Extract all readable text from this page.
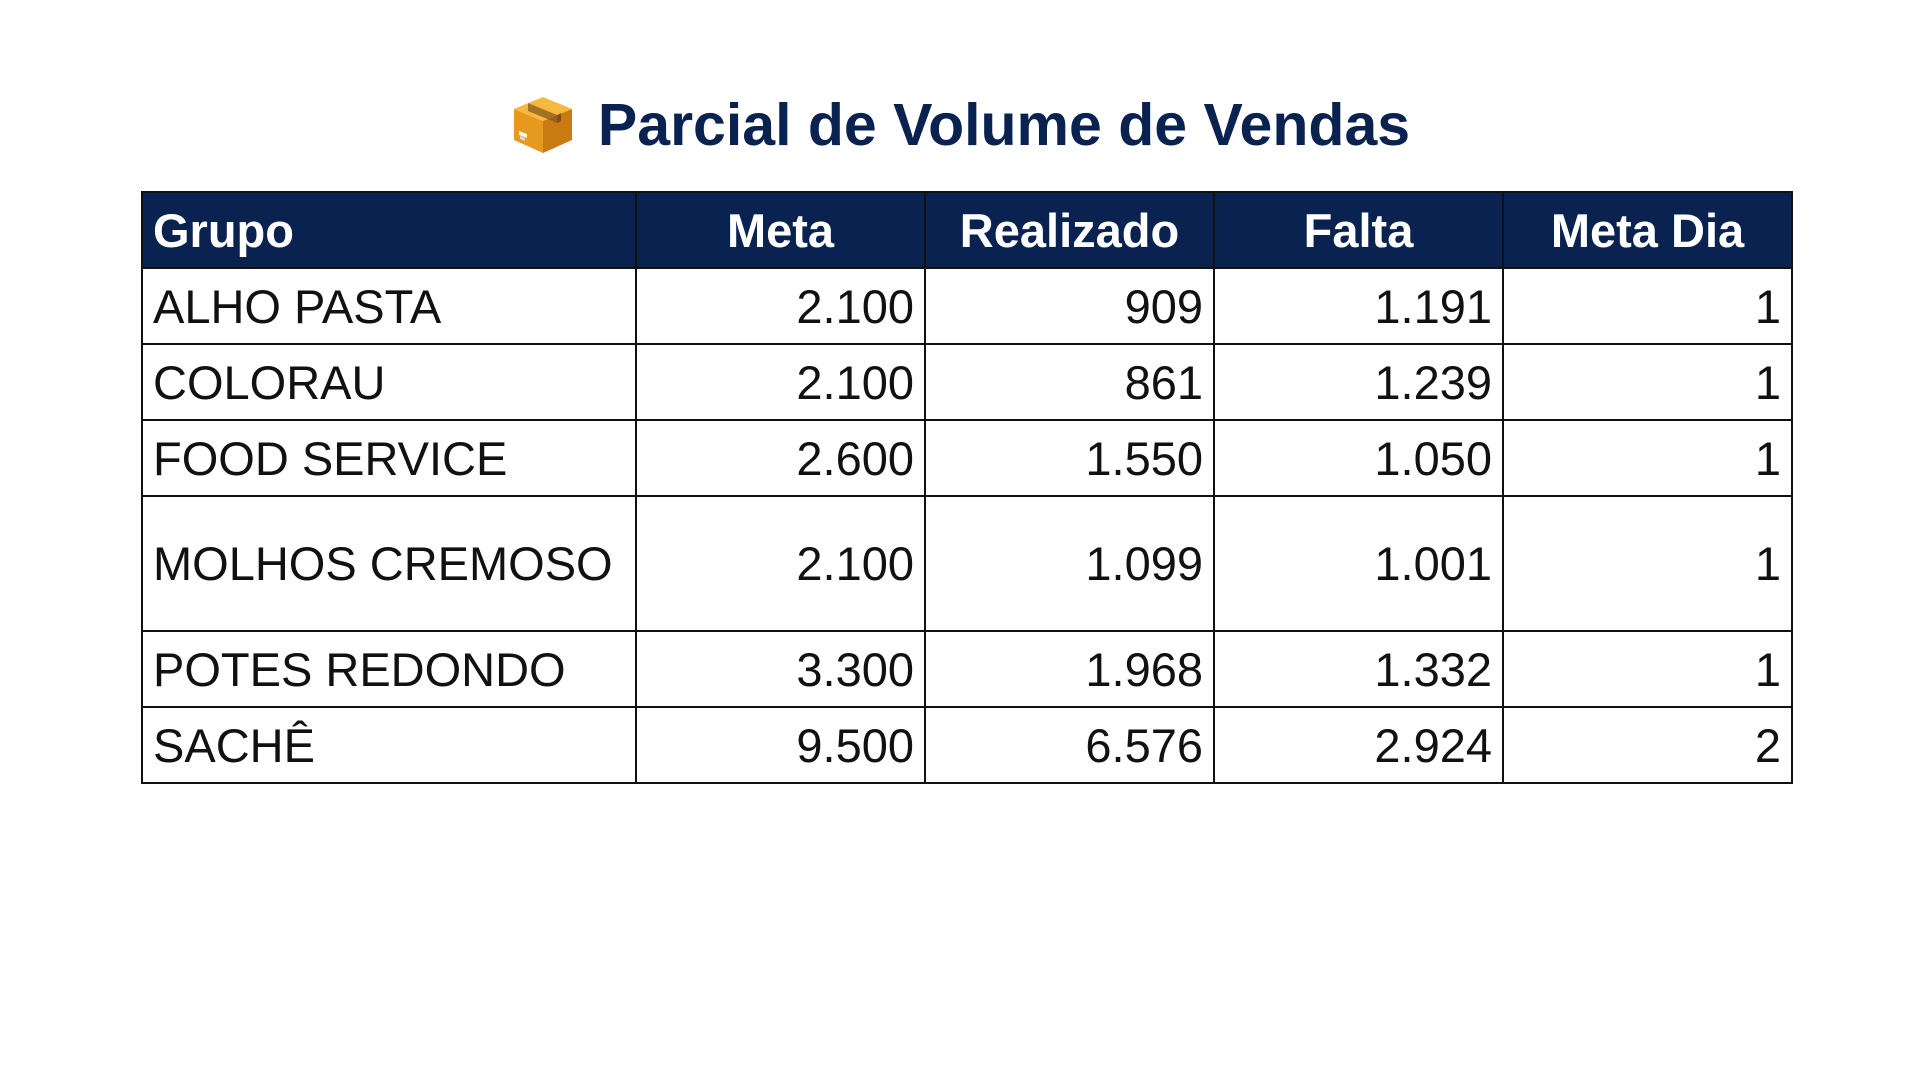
Parcial de Volume de Vendas
Grupo	Meta	Realizado	Falta	Meta Dia
ALHO PASTA	2.100	909	1.191	1
COLORAU	2.100	861	1.239	1
FOOD SERVICE	2.600	1.550	1.050	1
MOLHOS CREMOSO	2.100	1.099	1.001	1
POTES REDONDO	3.300	1.968	1.332	1
SACHÊ	9.500	6.576	2.924	2
